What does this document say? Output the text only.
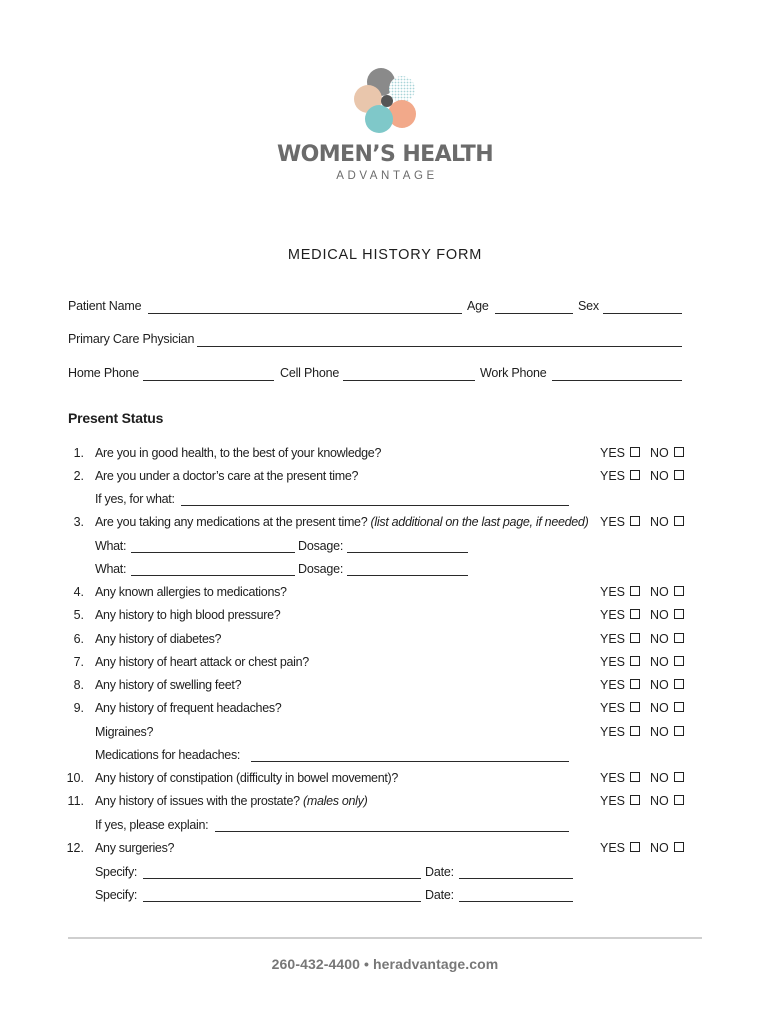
WOMEN’S HEALTH
ADVANTAGE
MEDICAL HISTORY FORM
Patient Name	Age	Sex
Primary Care Physician
Home Phone	Cell Phone	Work Phone
Present Status
1. Are you in good health, to the best of your knowledge?	YES	NO
2. Are you under a doctor’s care at the present time?	YES	NO
If yes, for what:
3. Are you taking any medications at the present time? (list additional on the last page, if needed) YES	NO
What:	Dosage:
What:	Dosage:
4. Any known allergies to medications?	YES	NO
5. Any history to high blood pressure?	YES	NO
6. Any history of diabetes?	YES	NO
7. Any history of heart attack or chest pain?	YES	NO
8. Any history of swelling feet?	YES	NO
9. Any history of frequent headaches?	YES	NO
Migraines?	YES	NO
Medications for headaches:
10. Any history of constipation (difficulty in bowel movement)?	YES	NO
11. Any history of issues with the prostate? (males only)	YES	NO
If yes, please explain:
12. Any surgeries?	YES	NO
Specify:	Date:
Specify:	Date:
260-432-4400 • heradvantage.com
